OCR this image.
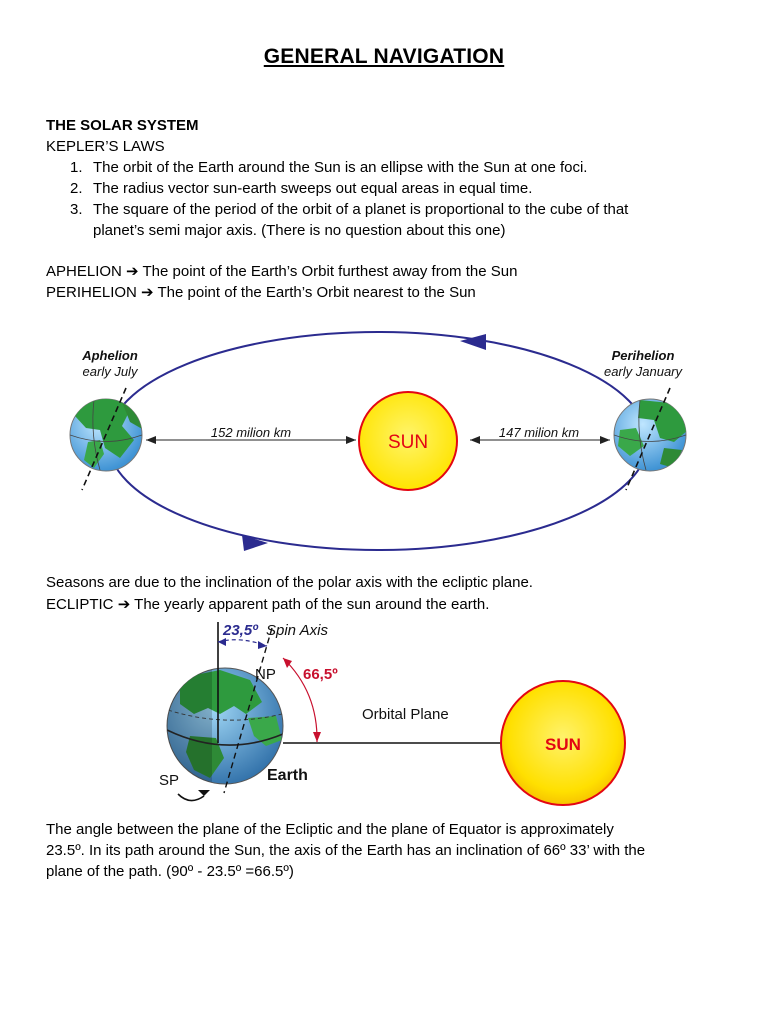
GENERAL NAVIGATION
THE SOLAR SYSTEM
KEPLER’S LAWS
1. The orbit of the Earth around the Sun is an ellipse with the Sun at one foci.
2. The radius vector sun-earth sweeps out equal areas in equal time.
3. The square of the period of the orbit of a planet is proportional to the cube of that
planet’s semi major axis. (There is no question about this one)
APHELION ➔ The point of the Earth’s Orbit furthest away from the Sun
PERIHELION ➔ The point of the Earth’s Orbit nearest to the Sun
SUN
152 milion km	147 milion km
Aphelion
early July
Perihelion
early January
Seasons are due to the inclination of the polar axis with the ecliptic plane.
ECLIPTIC ➔ The yearly apparent path of the sun around the earth.
Orbital Plane
23,5º Spin Axis
66,5º
NP
Earth
SP
SUN
The angle between the plane of the Ecliptic and the plane of Equator is approximately
23.5º. In its path around the Sun, the axis of the Earth has an inclination of 66º 33’ with the
plane of the path. (90º - 23.5º =66.5º)
